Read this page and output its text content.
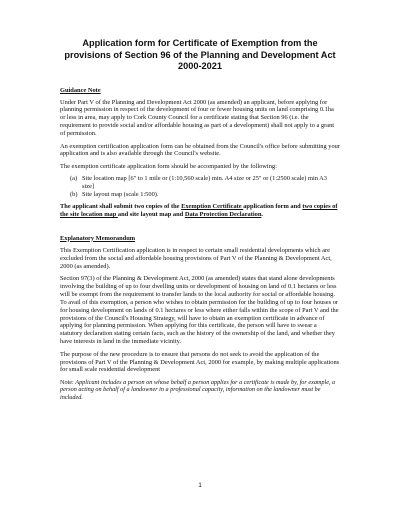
Application form for Certificate of Exemption from the provisions of Section 96 of the Planning and Development Act 2000-2021
Guidance Note

Under Part V of the Planning and Development Act 2000 (as amended) an applicant, before applying for planning permission in respect of the development of four or fewer housing units on land comprising 0.1ha or less in area, may apply to Cork County Council for a certificate stating that Section 96 (i.e. the requirement to provide social and/or affordable housing as part of a development) shall not apply to a grant of permission.

An exemption certification application form can be obtained from the Council's office before submitting your application and is also available through the Council's website.

The exemption certificate application form should be accompanied by the following:

(a) Site location map [6" to 1 mile or (1:10,560 scale) min. A4 size or 25" or (1:2500 scale) min A3 size]
(b) Site layout map (scale 1:500).

The applicant shall submit two copies of the Exemption Certificate application form and two copies of the site location map and site layout map and Data Protection Declaration.

Explanatory Memorandum

This Exemption Certification application is in respect to certain small residential developments which are excluded from the social and affordable housing provisions of Part V of the Planning & Development Act, 2000 (as amended).

Section 97(3) of the Planning & Development Act, 2000 (as amended) states that stand alone developments involving the building of up to four dwelling units or development of housing on land of 0.1 hectares or less will be exempt from the requirement to transfer lands to the local authority for social or affordable housing. To avail of this exemption, a person who wishes to obtain permission for the building of up to four houses or for housing development on lands of 0.1 hectares or less where either falls within the scope of Part V and the provisions of the Council's Housing Strategy, will have to obtain an exemption certificate in advance of applying for planning permission. When applying for this certificate, the person will have to swear a statutory declaration stating certain facts, such as the history of the ownership of the land, and whether they have interests in land in the immediate vicinity.

The purpose of the new procedure is to ensure that persons do not seek to avoid the application of the provisions of Part V of the Planning & Development Act, 2000 for example, by making multiple applications for small scale residential development

Note: Applicant includes a person on whose behalf a person applies for a certificate is made by, for example, a person acting on behalf of a landowner in a professional capacity, information on the landowner must be included.

1
